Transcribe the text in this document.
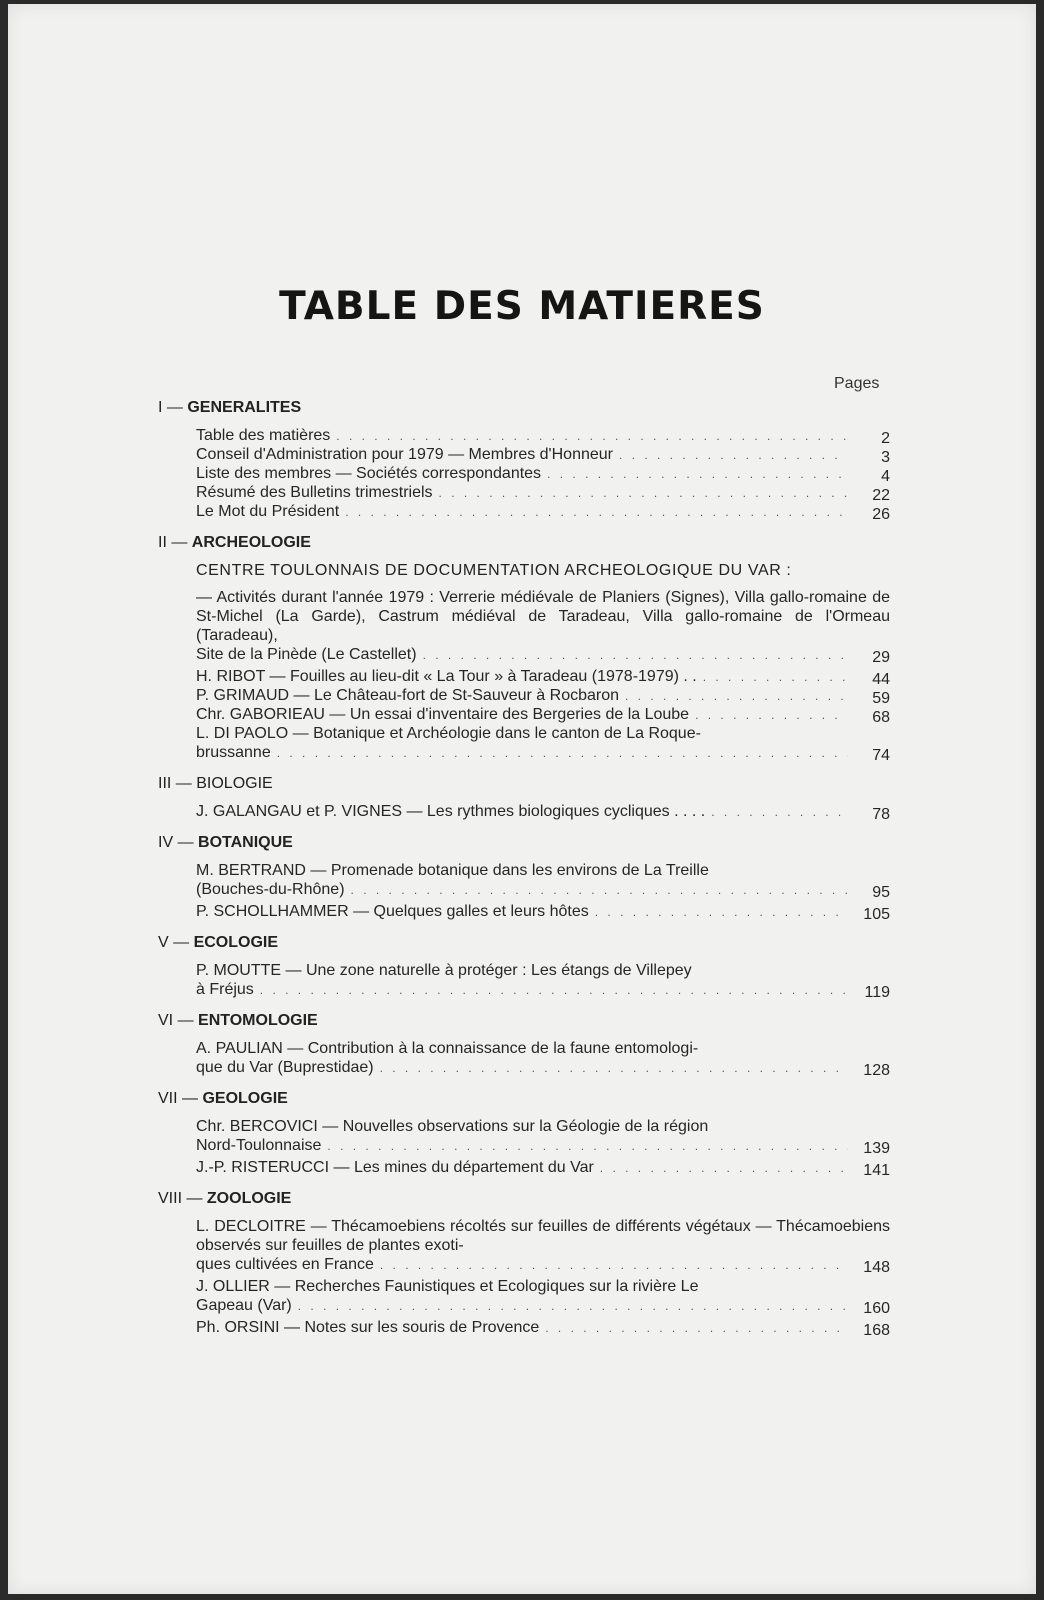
TABLE DES MATIERES
Pages
I — GENERALITES
Table des matières . . .	2
Conseil d'Administration pour 1979 — Membres d'Honneur . . .	3
Liste des membres — Sociétés correspondantes . . .	4
Résumé des Bulletins trimestriels . . .	22
Le Mot du Président . . .	26
II — ARCHEOLOGIE
CENTRE TOULONNAIS DE DOCUMENTATION ARCHEOLOGIQUE DU VAR :

— Activités durant l'année 1979 : Verrerie médiévale de Planiers (Signes), Villa gallo-romaine de St-Michel (La Garde), Castrum médiéval de Taradeau, Villa gallo-romaine de l'Ormeau (Taradeau),

Site de la Pinède (Le Castellet) . . .	29
H. RIBOT — Fouilles au lieu-dit « La Tour » à Taradeau (1978-1979) . . . . .	44
P. GRIMAUD — Le Château-fort de St-Sauveur à Rocbaron . . .	59
Chr. GABORIEAU — Un essai d'inventaire des Bergeries de la Loube . . .	68

L. DI PAOLO — Botanique et Archéologie dans le canton de La Roque-

brussanne . . .	74
III — BIOLOGIE
J. GALANGAU et P. VIGNES — Les rythmes biologiques cycliques . . . . . . .	78
IV — BOTANIQUE

M. BERTRAND — Promenade botanique dans les environs de La Treille

(Bouches-du-Rhône) . . .	95
P. SCHOLLHAMMER — Quelques galles et leurs hôtes . . .	105
V — ECOLOGIE

P. MOUTTE — Une zone naturelle à protéger : Les étangs de Villepey

à Fréjus . . .	119
VI — ENTOMOLOGIE

A. PAULIAN — Contribution à la connaissance de la faune entomologi-

que du Var (Buprestidae) . . .	128
VII — GEOLOGIE

Chr. BERCOVICI — Nouvelles observations sur la Géologie de la région

Nord-Toulonnaise . . .	139
J.-P. RISTERUCCI — Les mines du département du Var . . .	141
VIII — ZOOLOGIE

L. DECLOITRE — Thécamoebiens récoltés sur feuilles de différents végétaux — Thécamoebiens observés sur feuilles de plantes exoti-

ques cultivées en France . . .	148

J. OLLIER — Recherches Faunistiques et Ecologiques sur la rivière Le

Gapeau (Var) . . .	160
Ph. ORSINI — Notes sur les souris de Provence . . .	168
